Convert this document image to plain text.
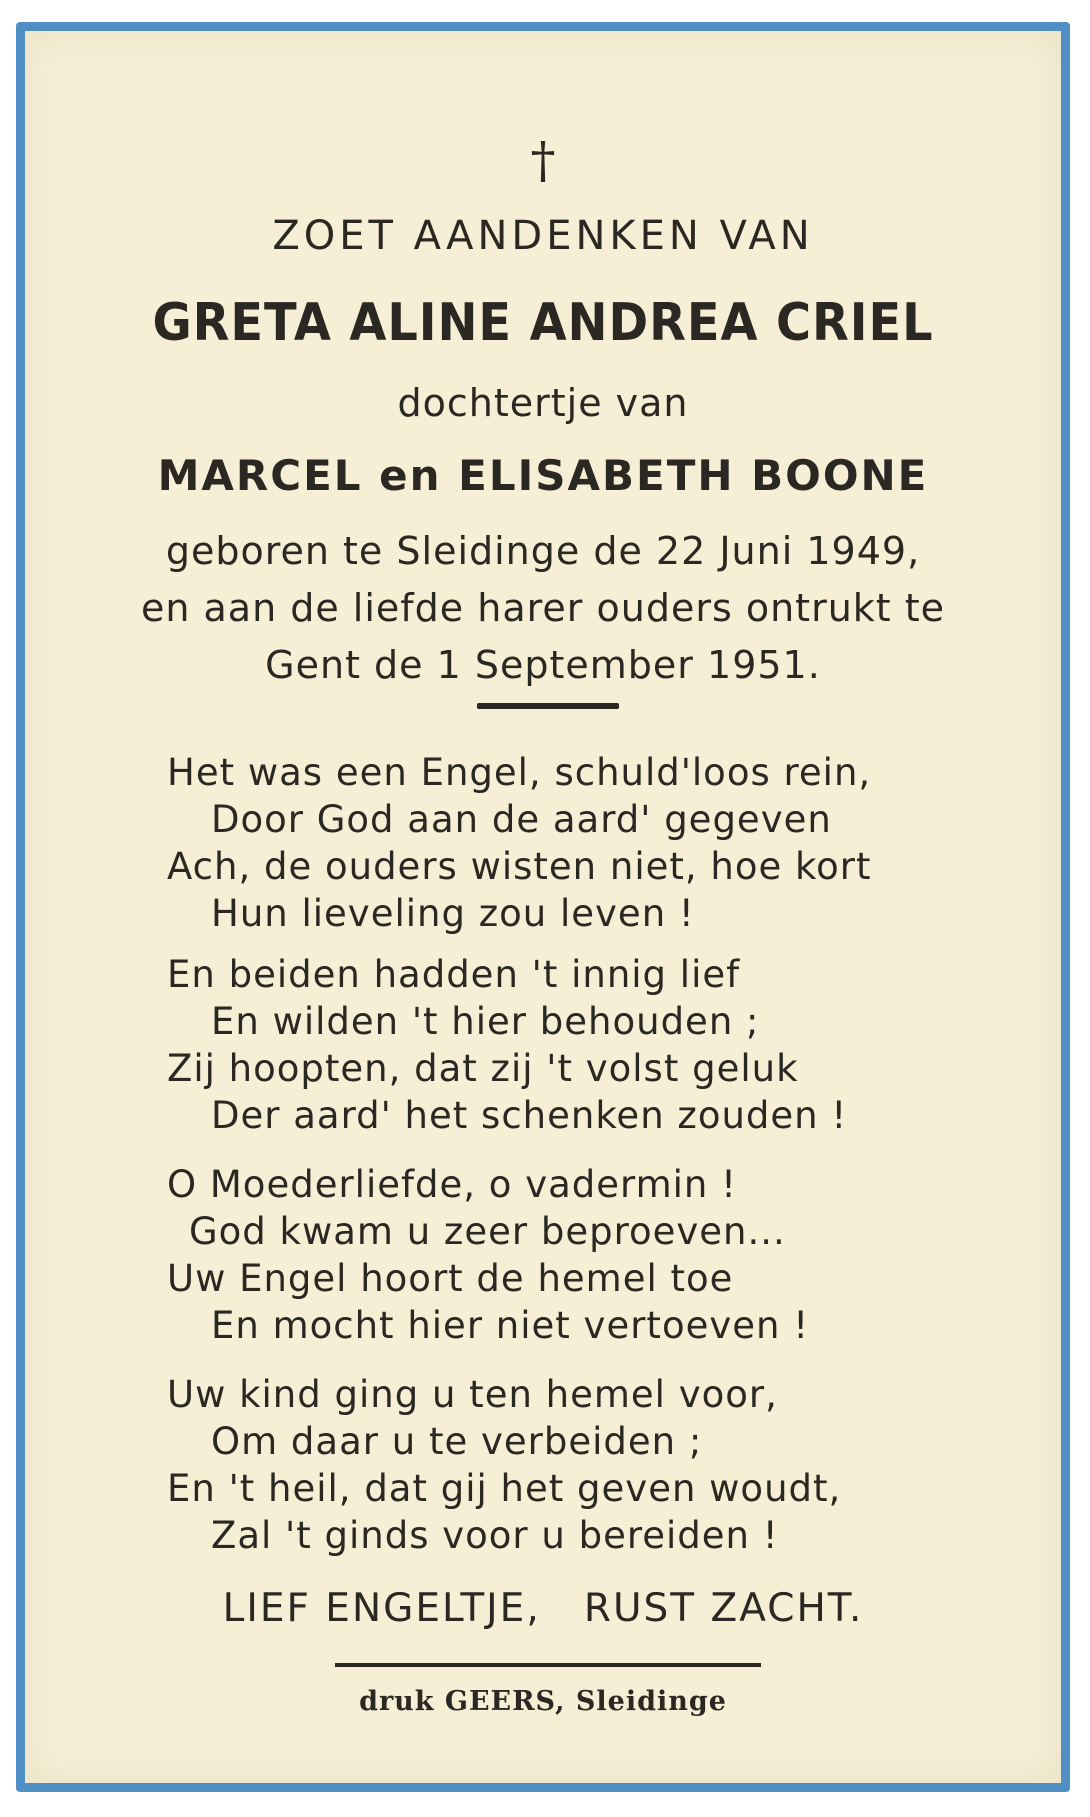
†
ZOET AANDENKEN VAN
GRETA ALINE ANDREA CRIEL
dochtertje van
MARCEL en ELISABETH BOONE
geboren te Sleidinge de 22 Juni 1949,
en aan de liefde harer ouders ontrukt te
Gent de 1 September 1951.
Het was een Engel, schuld'loos rein,
Door God aan de aard' gegeven
Ach, de ouders wisten niet, hoe kort
Hun lieveling zou leven !
En beiden hadden 't innig lief
En wilden 't hier behouden ;
Zij hoopten, dat zij 't volst geluk
Der aard' het schenken zouden !
O Moederliefde, o vadermin !
God kwam u zeer beproeven...
Uw Engel hoort de hemel toe
En mocht hier niet vertoeven !
Uw kind ging u ten hemel voor,
Om daar u te verbeiden ;
En 't heil, dat gij het geven woudt,
Zal 't ginds voor u bereiden !
LIEF ENGELTJE,   RUST ZACHT.
druk GEERS, Sleidinge
